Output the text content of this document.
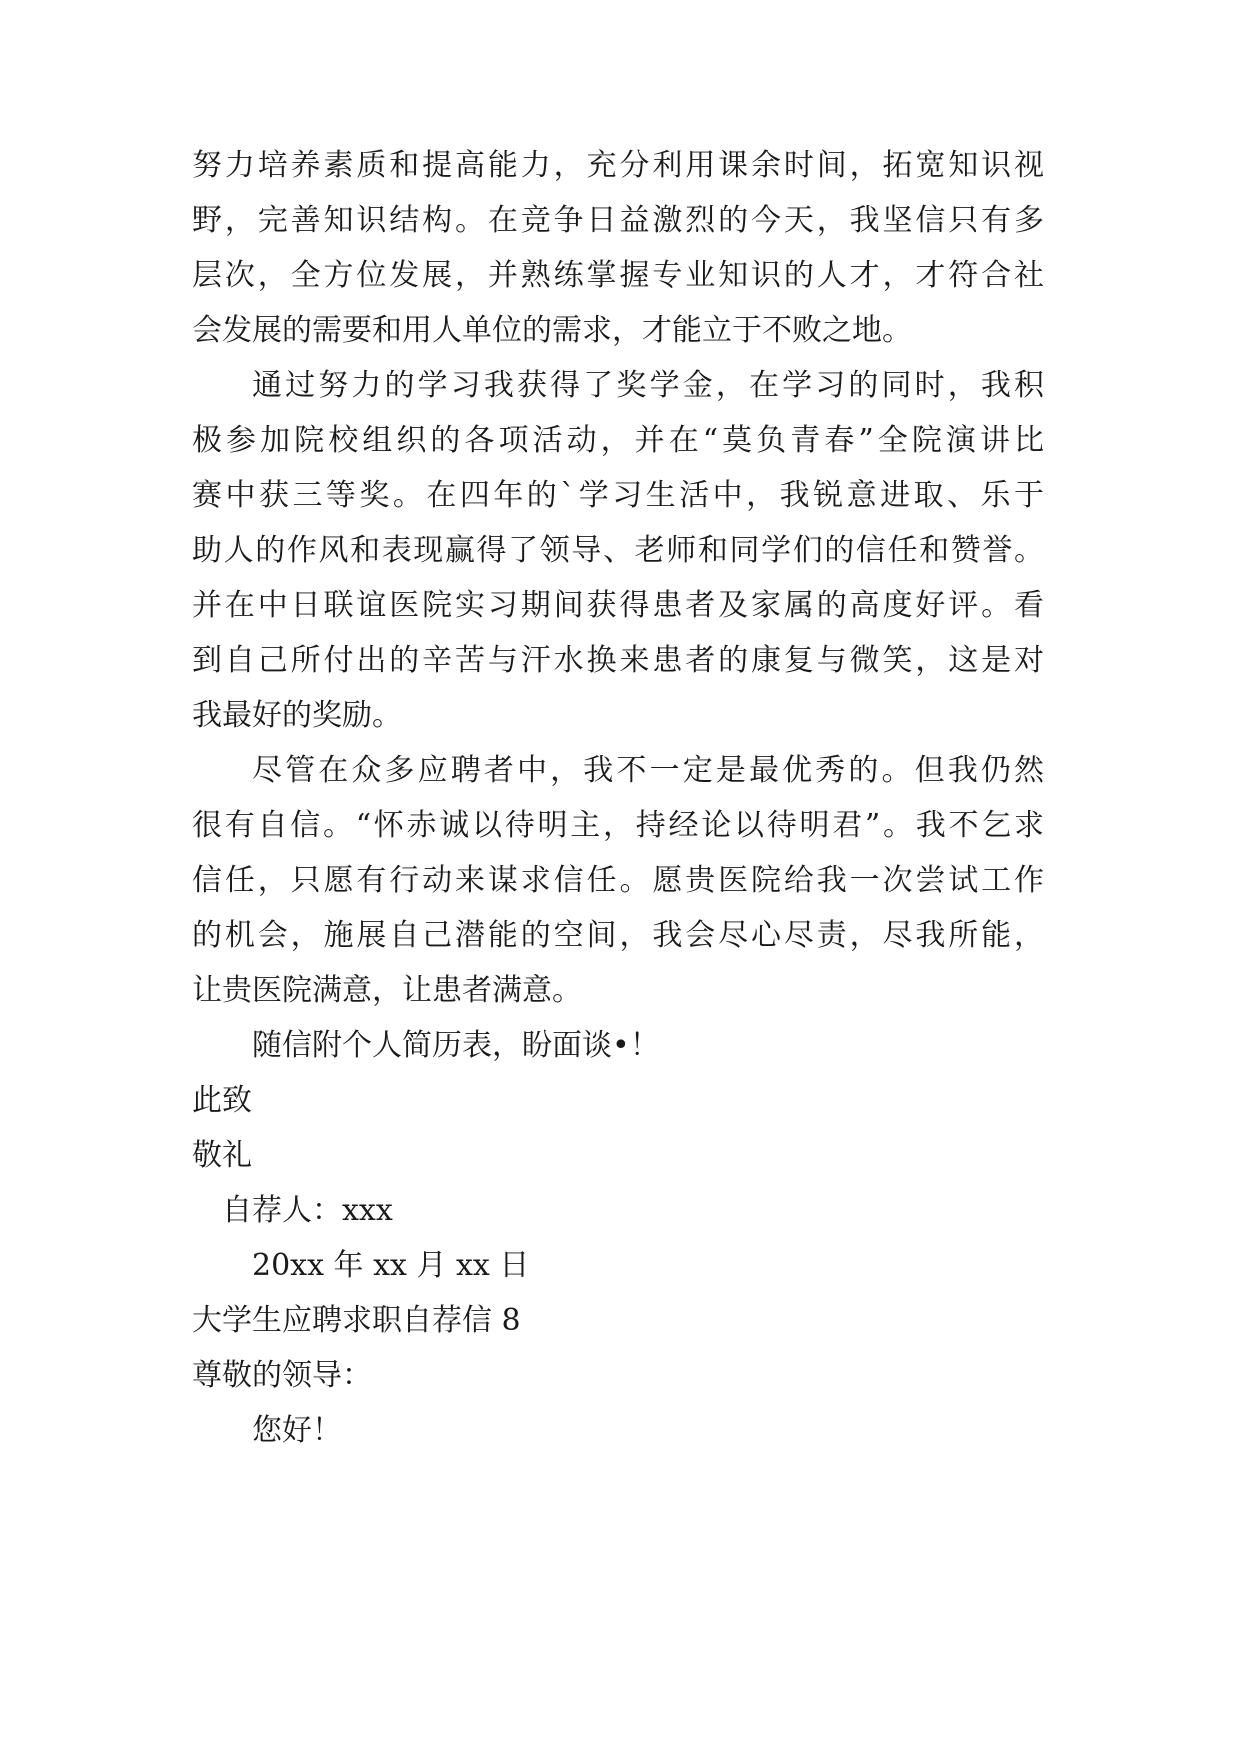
努力培养素质和提高能力，充分利用课余时间，拓宽知识视
野，完善知识结构。在竞争日益激烈的今天，我坚信只有多
层次，全方位发展，并熟练掌握专业知识的人才，才符合社
会发展的需要和用人单位的需求，才能立于不败之地。
通过努力的学习我获得了奖学金，在学习的同时，我积
极参加院校组织的各项活动，并在“莫负青春”全院演讲比
赛中获三等奖。在四年的`学习生活中，我锐意进取、乐于
助人的作风和表现赢得了领导、老师和同学们的信任和赞誉。
并在中日联谊医院实习期间获得患者及家属的高度好评。看
到自己所付出的辛苦与汗水换来患者的康复与微笑，这是对
我最好的奖励。
尽管在众多应聘者中，我不一定是最优秀的。但我仍然
很有自信。“怀赤诚以待明主，持经论以待明君”。我不乞求
信任，只愿有行动来谋求信任。愿贵医院给我一次尝试工作
的机会，施展自己潜能的空间，我会尽心尽责，尽我所能，
让贵医院满意，让患者满意。
随信附个人简历表，盼面谈•！
此致
敬礼
自荐人：xxx
20xx 年 xx 月 xx 日
大学生应聘求职自荐信 8
尊敬的领导：
您好！
